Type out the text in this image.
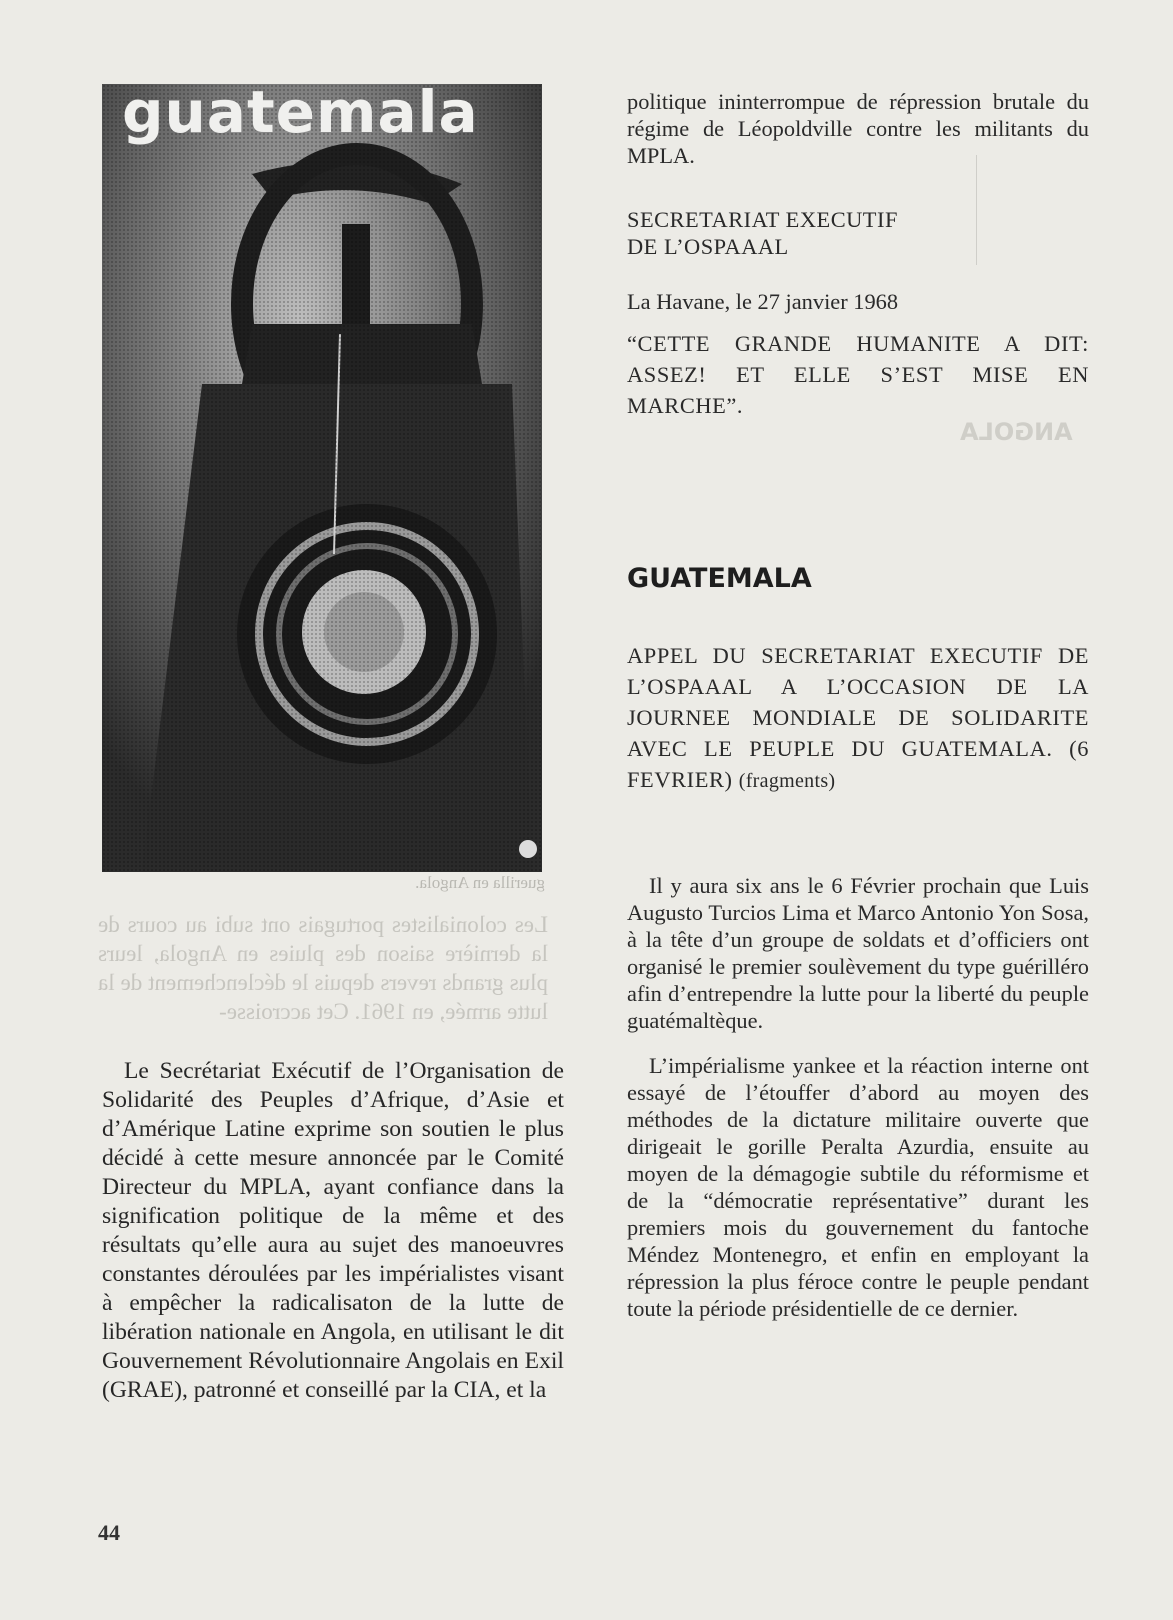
guerilla en Angola.
Les colonialistes portugais ont subi au cours de la dernière saison des pluies en Angola, leurs plus grands revers depuis le déclenchement de la lutte armée, en 1961. Cet accroisse-
ANGOLA
guatemala

Le Secrétariat Exécutif de l’Organisation de Solidarité des Peuples d’Afrique, d’Asie et d’Amérique Latine exprime son soutien le plus décidé à cette mesure annoncée par le Comité Directeur du MPLA, ayant confiance dans la signification politique de la même et des résultats qu’elle aura au sujet des manoeuvres constantes déroulées par les impérialistes visant à empêcher la radicalisaton de la lutte de libération nationale en Angola, en utilisant le dit Gouvernement Révolutionnaire Angolais en Exil (GRAE), patronné et conseillé par la CIA, et la

politique ininterrompue de répression brutale du régime de Léopoldville contre les militants du MPLA.
SECRETARIAT EXECUTIF
DE L’OSPAAAL
La Havane, le 27 janvier 1968
“CETTE GRANDE HUMANITE A DIT: ASSEZ! ET ELLE S’EST MISE EN MARCHE”.
GUATEMALA
APPEL DU SECRETARIAT EXECUTIF DE L’OSPAAAL A L’OCCASION DE LA JOURNEE MONDIALE DE SOLIDARITE AVEC LE PEUPLE DU GUATEMALA. (6 FEVRIER) (fragments)

Il y aura six ans le 6 Février prochain que Luis Augusto Turcios Lima et Marco Antonio Yon Sosa, à la tête d’un groupe de soldats et d’officiers ont organisé le premier soulèvement du type guérilléro afin d’entrependre la lutte pour la liberté du peuple guatémaltèque.

L’impérialisme yankee et la réaction interne ont essayé de l’étouffer d’abord au moyen des méthodes de la dictature militaire ouverte que dirigeait le gorille Peralta Azurdia, ensuite au moyen de la démagogie subtile du réformisme et de la “démocratie représentative” durant les premiers mois du gouvernement du fantoche Méndez Montenegro, et enfin en employant la répression la plus féroce contre le peuple pendant toute la période présidentielle de ce dernier.

44
